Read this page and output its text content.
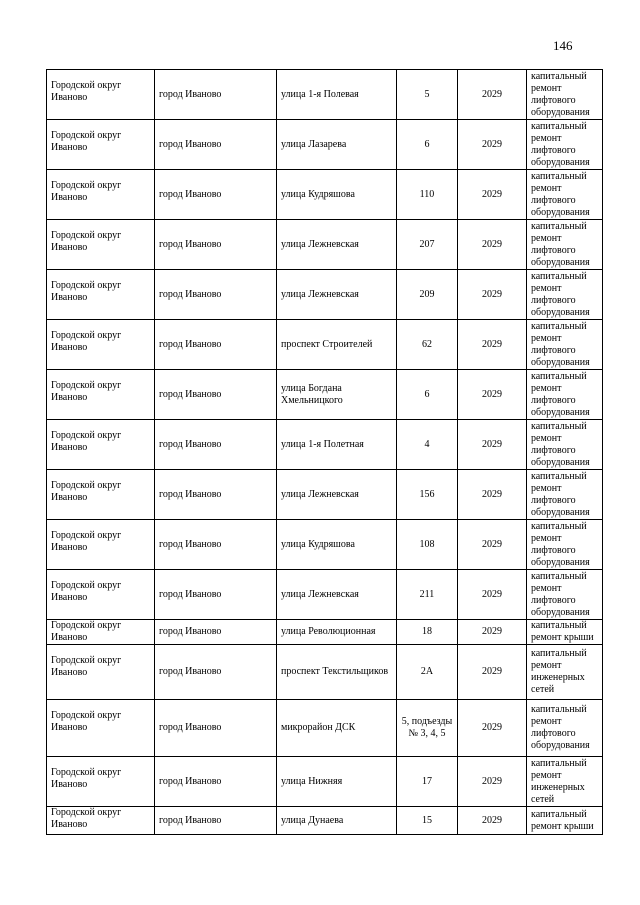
146
Городской округ Иваново	город Иваново	улица 1-я Полевая	5	2029	капитальный ремонт лифтового оборудования
Городской округ Иваново	город Иваново	улица Лазарева	6	2029	капитальный ремонт лифтового оборудования
Городской округ Иваново	город Иваново	улица Кудряшова	110	2029	капитальный ремонт лифтового оборудования
Городской округ Иваново	город Иваново	улица Лежневская	207	2029	капитальный ремонт лифтового оборудования
Городской округ Иваново	город Иваново	улица Лежневская	209	2029	капитальный ремонт лифтового оборудования
Городской округ Иваново	город Иваново	проспект Строителей	62	2029	капитальный ремонт лифтового оборудования
Городской округ Иваново	город Иваново	улица Богдана Хмельницкого	6	2029	капитальный ремонт лифтового оборудования
Городской округ Иваново	город Иваново	улица 1-я Полетная	4	2029	капитальный ремонт лифтового оборудования
Городской округ Иваново	город Иваново	улица Лежневская	156	2029	капитальный ремонт лифтового оборудования
Городской округ Иваново	город Иваново	улица Кудряшова	108	2029	капитальный ремонт лифтового оборудования
Городской округ Иваново	город Иваново	улица Лежневская	211	2029	капитальный ремонт лифтового оборудования
Городской округ Иваново	город Иваново	улица Революционная	18	2029	капитальный ремонт крыши
Городской округ Иваново	город Иваново	проспект Текстильщиков	2А	2029	капитальный ремонт инженерных сетей
Городской округ Иваново	город Иваново	микрорайон ДСК	5, подъезды № 3, 4, 5	2029	капитальный ремонт лифтового оборудования
Городской округ Иваново	город Иваново	улица Нижняя	17	2029	капитальный ремонт инженерных сетей
Городской округ Иваново	город Иваново	улица Дунаева	15	2029	капитальный ремонт крыши
